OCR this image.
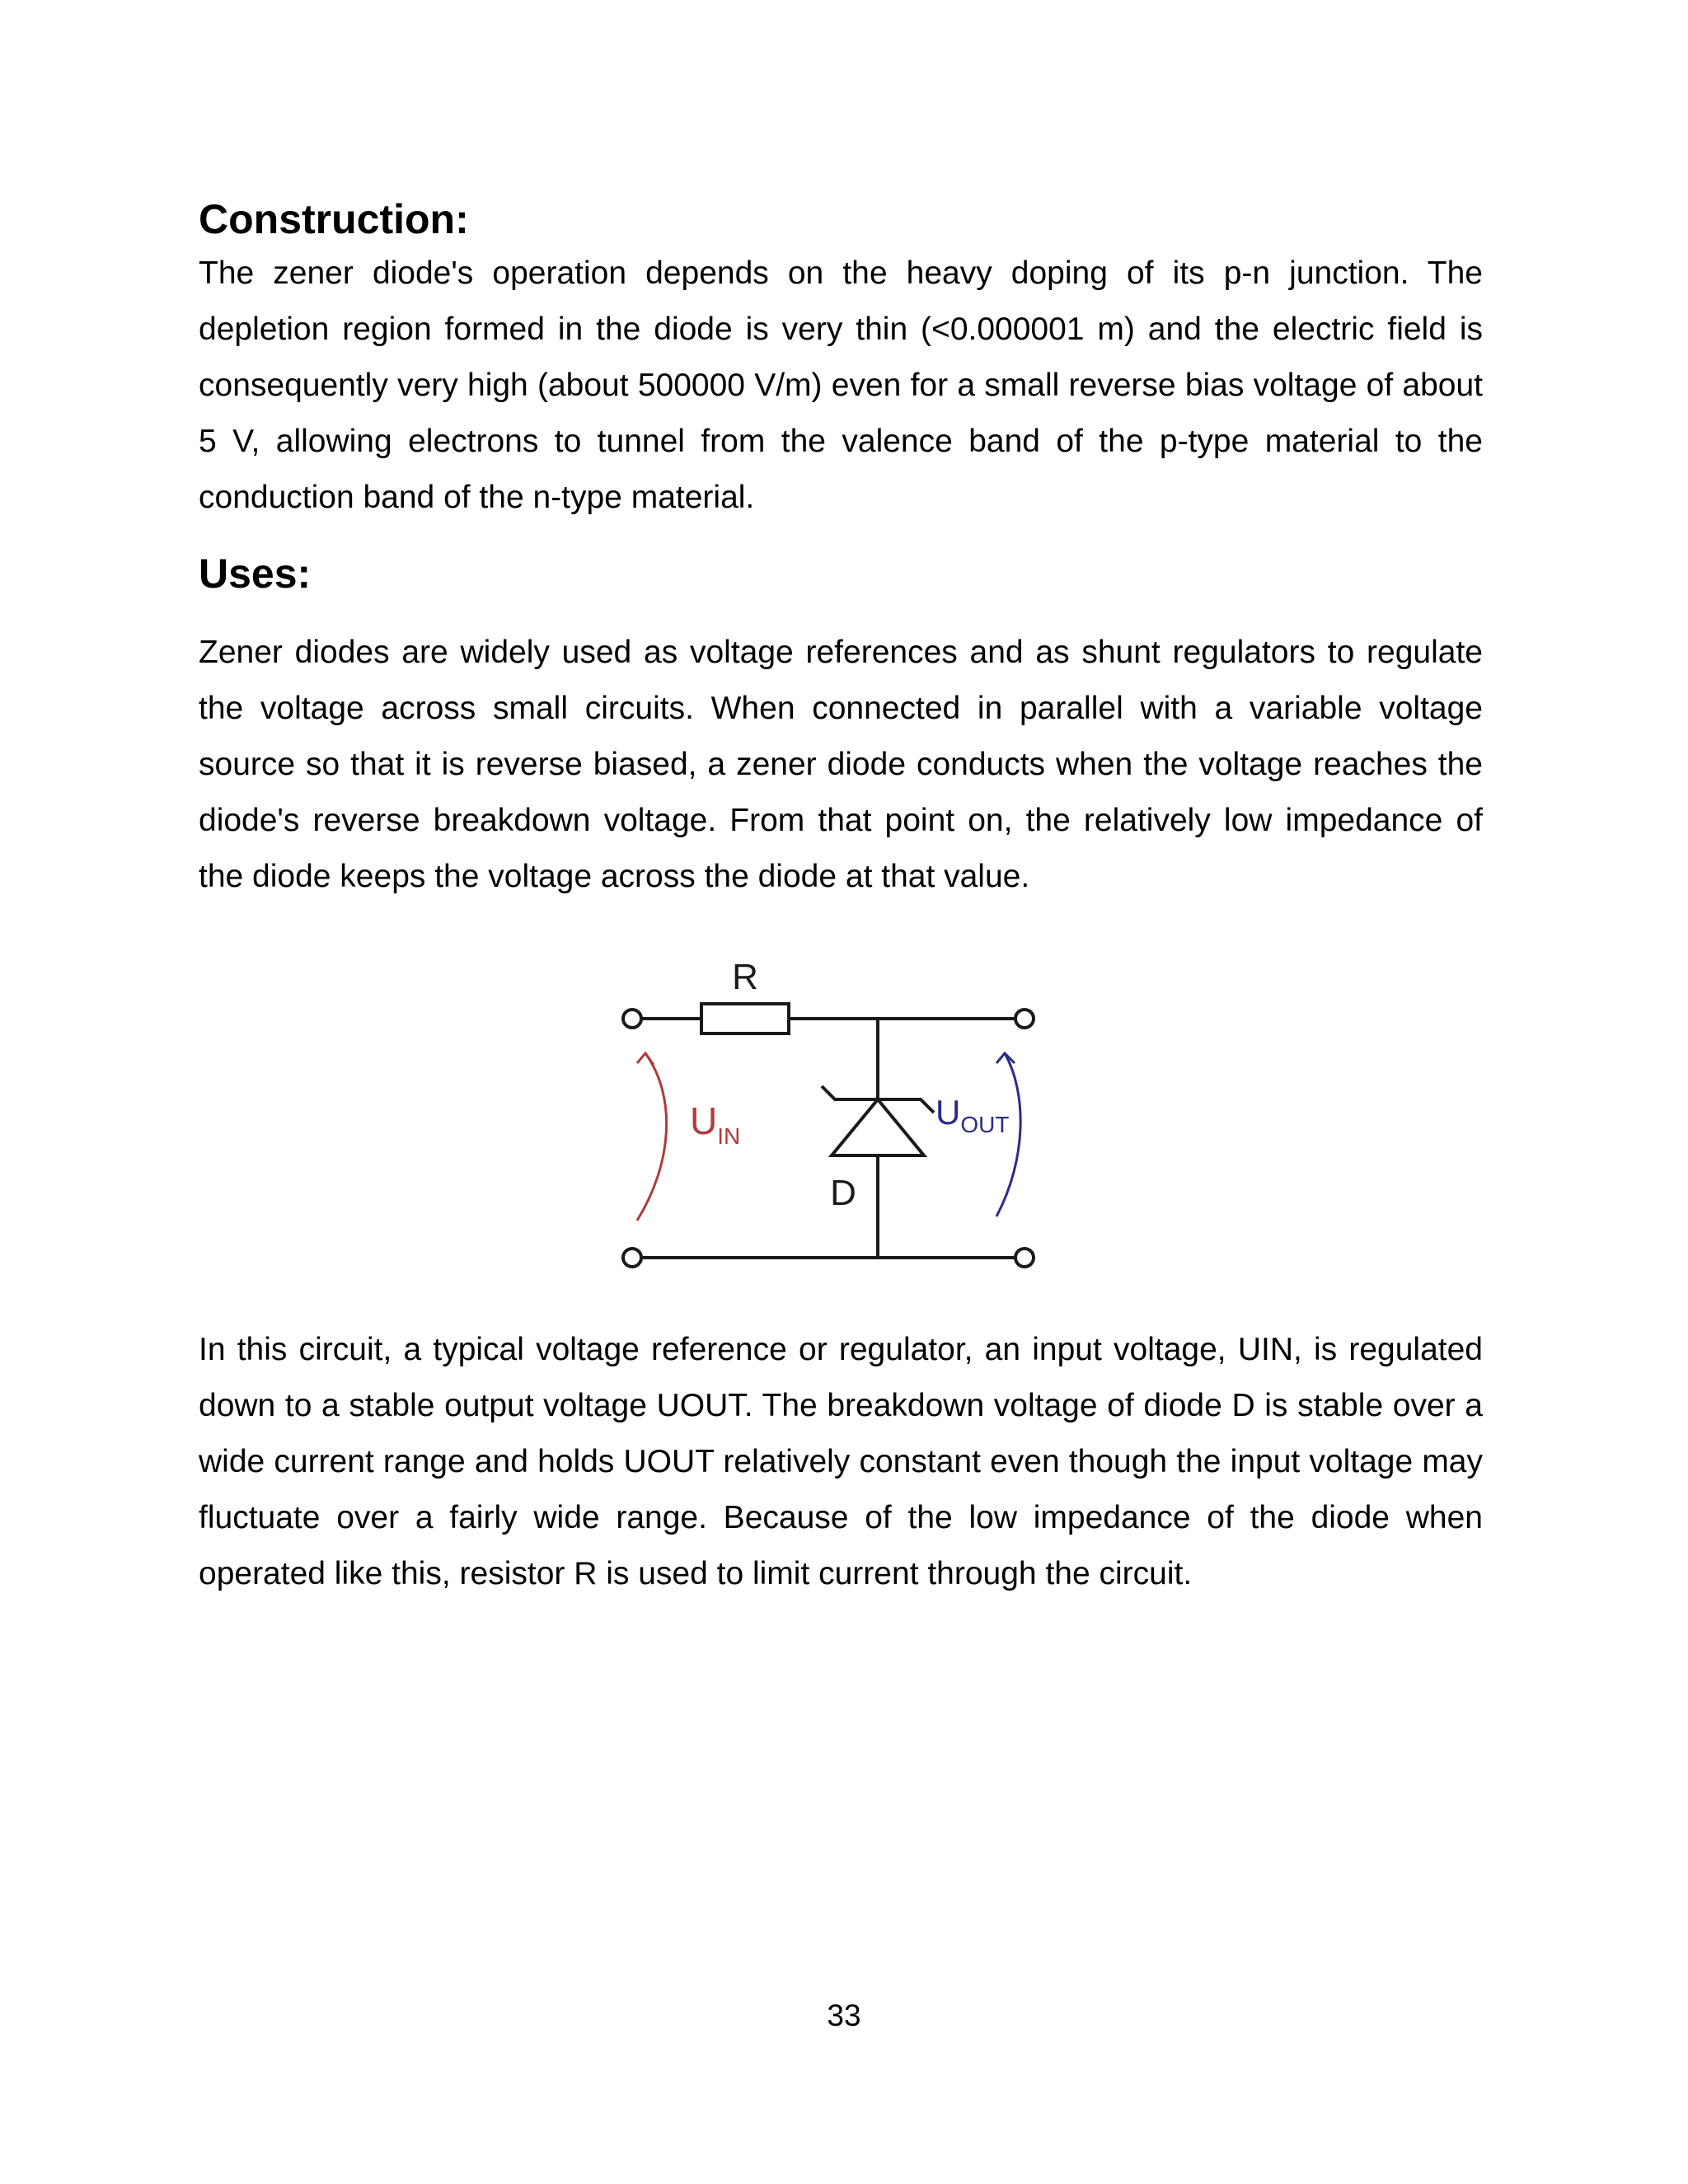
Construction:

The zener diode's operation depends on the heavy doping of its p-n junction. The depletion region formed in the diode is very thin (<0.000001 m) and the electric field is consequently very high (about 500000 V/m) even for a small reverse bias voltage of about 5 V, allowing electrons to tunnel from the valence band of the p-type material to the conduction band of the n-type material.

Uses:

Zener diodes are widely used as voltage references and as shunt regulators to regulate the voltage across small circuits. When connected in parallel with a variable voltage source so that it is reverse biased, a zener diode conducts when the voltage reaches the diode's reverse breakdown voltage. From that point on, the relatively low impedance of the diode keeps the voltage across the diode at that value.

R
D
UIN
UOUT

In this circuit, a typical voltage reference or regulator, an input voltage, UIN, is regulated down to a stable output voltage UOUT. The breakdown voltage of diode D is stable over a wide current range and holds UOUT relatively constant even though the input voltage may fluctuate over a fairly wide range. Because of the low impedance of the diode when operated like this, resistor R is used to limit current through the circuit.

33
